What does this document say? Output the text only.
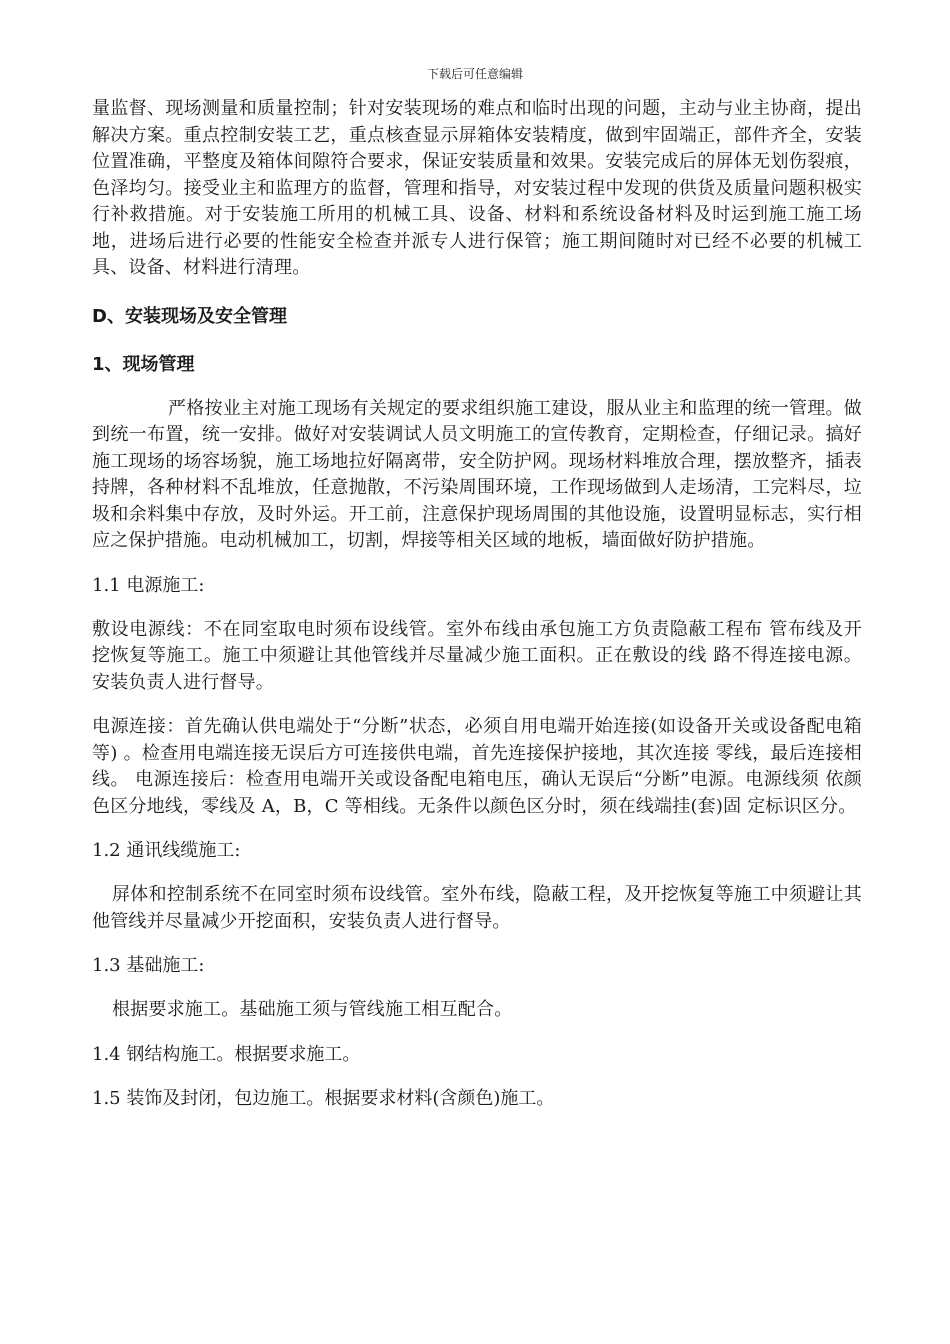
下载后可任意编辑

量监督、现场测量和质量控制；针对安装现场的难点和临时出现的问题，主动与业主协商，提出解决方案。重点控制安装工艺，重点核查显示屏箱体安装精度，做到牢固端正，部件齐全，安装位置准确，平整度及箱体间隙符合要求，保证安装质量和效果。安装完成后的屏体无划伤裂痕，色泽均匀。接受业主和监理方的监督，管理和指导，对安装过程中发现的供货及质量问题积极实行补救措施。对于安装施工所用的机械工具、设备、材料和系统设备材料及时运到施工施工场地，进场后进行必要的性能安全检查并派专人进行保管；施工期间随时对已经不必要的机械工具、设备、材料进行清理。

D、安装现场及安全管理
1、现场管理

严格按业主对施工现场有关规定的要求组织施工建设，服从业主和监理的统一管理。做到统一布置，统一安排。做好对安装调试人员文明施工的宣传教育，定期检查，仔细记录。搞好施工现场的场容场貌，施工场地拉好隔离带，安全防护网。现场材料堆放合理，摆放整齐，插表持牌，各种材料不乱堆放，任意抛散，不污染周围环境，工作现场做到人走场清，工完料尽，垃圾和余料集中存放，及时外运。开工前，注意保护现场周围的其他设施，设置明显标志，实行相应之保护措施。电动机械加工，切割，焊接等相关区域的地板，墙面做好防护措施。

1.1 电源施工:

敷设电源线：不在同室取电时须布设线管。室外布线由承包施工方负责隐蔽工程布 管布线及开挖恢复等施工。施工中须避让其他管线并尽量减少施工面积。正在敷设的线 路不得连接电源。安装负责人进行督导。

电源连接：首先确认供电端处于“分断”状态，必须自用电端开始连接(如设备开关或设备配电箱等) 。检查用电端连接无误后方可连接供电端，首先连接保护接地，其次连接 零线，最后连接相线。 电源连接后：检查用电端开关或设备配电箱电压，确认无误后“分断”电源。电源线须 依颜色区分地线，零线及 A，B，C 等相线。无条件以颜色区分时，须在线端挂(套)固 定标识区分。

1.2 通讯线缆施工:

屏体和控制系统不在同室时须布设线管。室外布线，隐蔽工程，及开挖恢复等施工中须避让其他管线并尽量减少开挖面积，安装负责人进行督导。

1.3 基础施工:

根据要求施工。基础施工须与管线施工相互配合。

1.4 钢结构施工。根据要求施工。
1.5 装饰及封闭，包边施工。根据要求材料(含颜色)施工。
